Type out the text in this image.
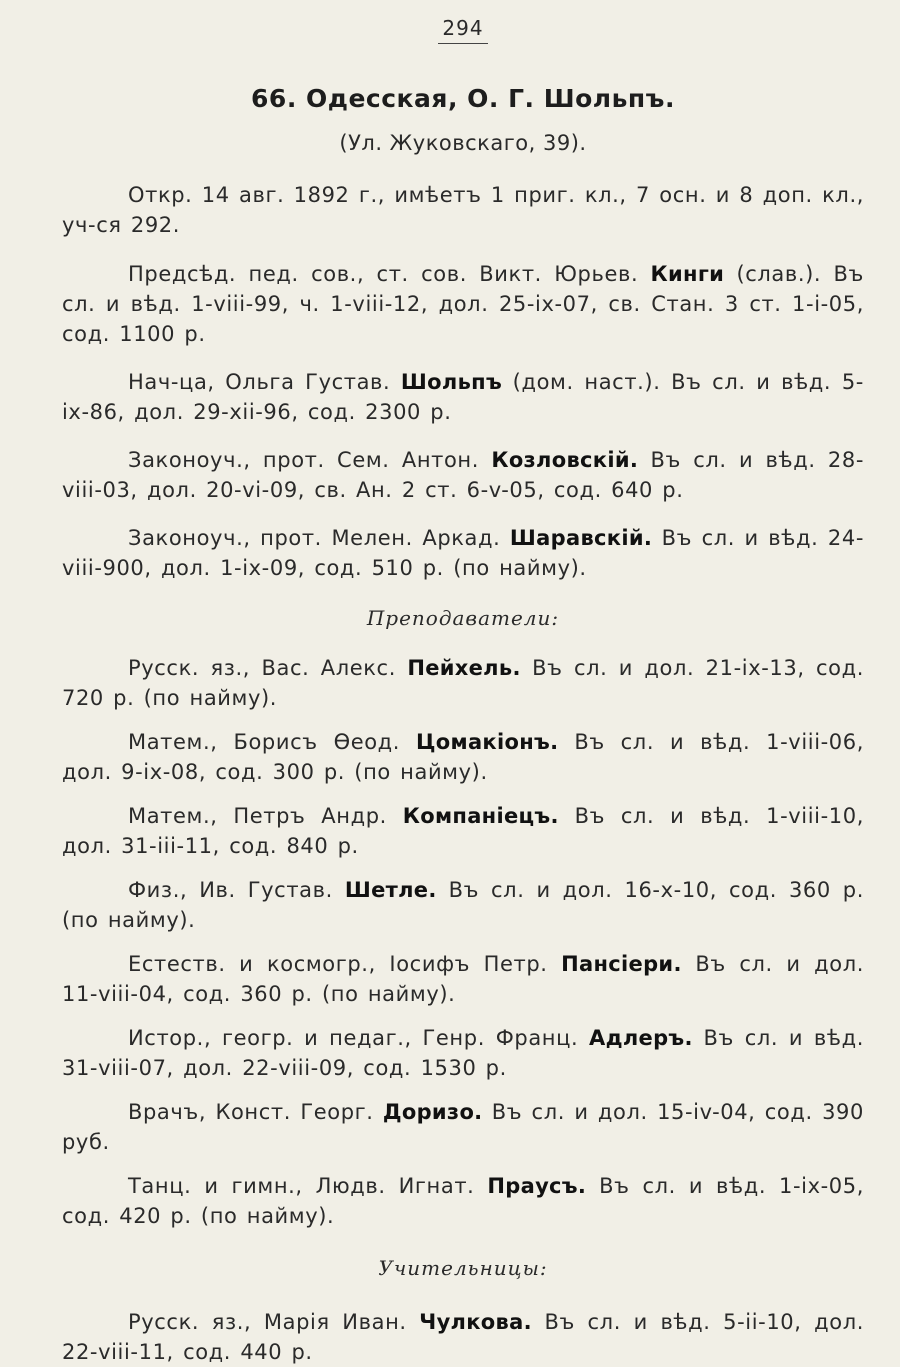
294
66. Одесская, О. Г. Шольпъ.
(Ул. Жуковскаго, 39).

Откр. 14 авг. 1892 г., имѣетъ 1 приг. кл., 7 осн. и 8 доп. кл., уч-ся 292.

Предсѣд. пед. сов., ст. сов. Викт. Юрьев. Кинги (слав.). Въ сл. и вѣд. 1-viii-99, ч. 1-viii-12, дол. 25-ix-07, св. Стан. 3 ст. 1-i-05, сод. 1100 р.

Нач-ца, Ольга Густав. Шольпъ (дом. наст.). Въ сл. и вѣд. 5-ix-86, дол. 29-xii-96, сод. 2300 р.

Законоуч., прот. Сем. Антон. Козловскій. Въ сл. и вѣд. 28-viii-03, дол. 20-vi-09, св. Ан. 2 ст. 6-v-05, сод. 640 р.

Законоуч., прот. Мелен. Аркад. Шаравскій. Въ сл. и вѣд. 24-viii-900, дол. 1-ix-09, сод. 510 р. (по найму).

Преподаватели:

Русск. яз., Вас. Алекс. Пейхель. Въ сл. и дол. 21-ix-13, сод. 720 р. (по найму).

Матем., Борисъ Ѳеод. Цомакіонъ. Въ сл. и вѣд. 1-viii-06, дол. 9-ix-08, сод. 300 р. (по найму).

Матем., Петръ Андр. Компаніецъ. Въ сл. и вѣд. 1-viii-10, дол. 31-iii-11, сод. 840 р.

Физ., Ив. Густав. Шетле. Въ сл. и дол. 16-x-10, сод. 360 р. (по найму).

Естеств. и космогр., Іосифъ Петр. Пансіери. Въ сл. и дол. 11-viii-04, сод. 360 р. (по найму).

Истор., геогр. и педаг., Генр. Франц. Адлеръ. Въ сл. и вѣд. 31-viii-07, дол. 22-viii-09, сод. 1530 р.

Врачъ, Конст. Георг. Доризо. Въ сл. и дол. 15-iv-04, сод. 390 руб.

Танц. и гимн., Людв. Игнат. Праусъ. Въ сл. и вѣд. 1-ix-05, сод. 420 р. (по найму).

Учительницы:

Русск. яз., Марія Иван. Чулкова. Въ сл. и вѣд. 5-ii-10, дол. 22-viii-11, сод. 440 р.
